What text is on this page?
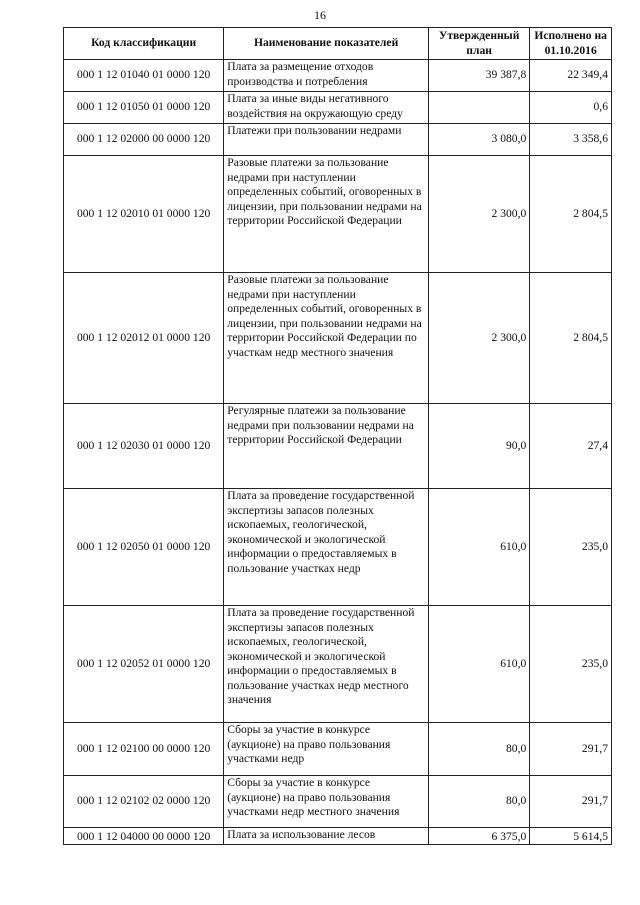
16
Код классификации	Наименование показателей	Утвержденный план	Исполнено на 01.10.2016
000 1 12 01040 01 0000 120	Плата за размещение отходов производства и потребления	39 387,8	22 349,4
000 1 12 01050 01 0000 120	Плата за иные виды негативного воздействия на окружающую среду		0,6
000 1 12 02000 00 0000 120	Платежи при пользовании недрами	3 080,0	3 358,6
000 1 12 02010 01 0000 120	Разовые платежи за пользование недрами при наступлении определенных событий, оговоренных в лицензии, при пользовании недрами на территории Российской Федерации	2 300,0	2 804,5
000 1 12 02012 01 0000 120	Разовые платежи за пользование недрами при наступлении определенных событий, оговоренных в лицензии, при пользовании недрами на территории Российской Федерации по участкам недр местного значения	2 300,0	2 804,5
000 1 12 02030 01 0000 120	Регулярные платежи за пользование недрами при пользовании недрами на территории Российской Федерации	90,0	27,4
000 1 12 02050 01 0000 120	Плата за проведение государственной экспертизы запасов полезных ископаемых, геологической, экономической и экологической информации о предоставляемых в пользование участках недр	610,0	235,0
000 1 12 02052 01 0000 120	Плата за проведение государственной экспертизы запасов полезных ископаемых, геологической, экономической и экологической информации о предоставляемых в пользование участках недр местного значения	610,0	235,0
000 1 12 02100 00 0000 120	Сборы за участие в конкурсе (аукционе) на право пользования участками недр	80,0	291,7
000 1 12 02102 02 0000 120	Сборы за участие в конкурсе (аукционе) на право пользования участками недр местного значения	80,0	291,7
000 1 12 04000 00 0000 120	Плата за использование лесов	6 375,0	5 614,5
